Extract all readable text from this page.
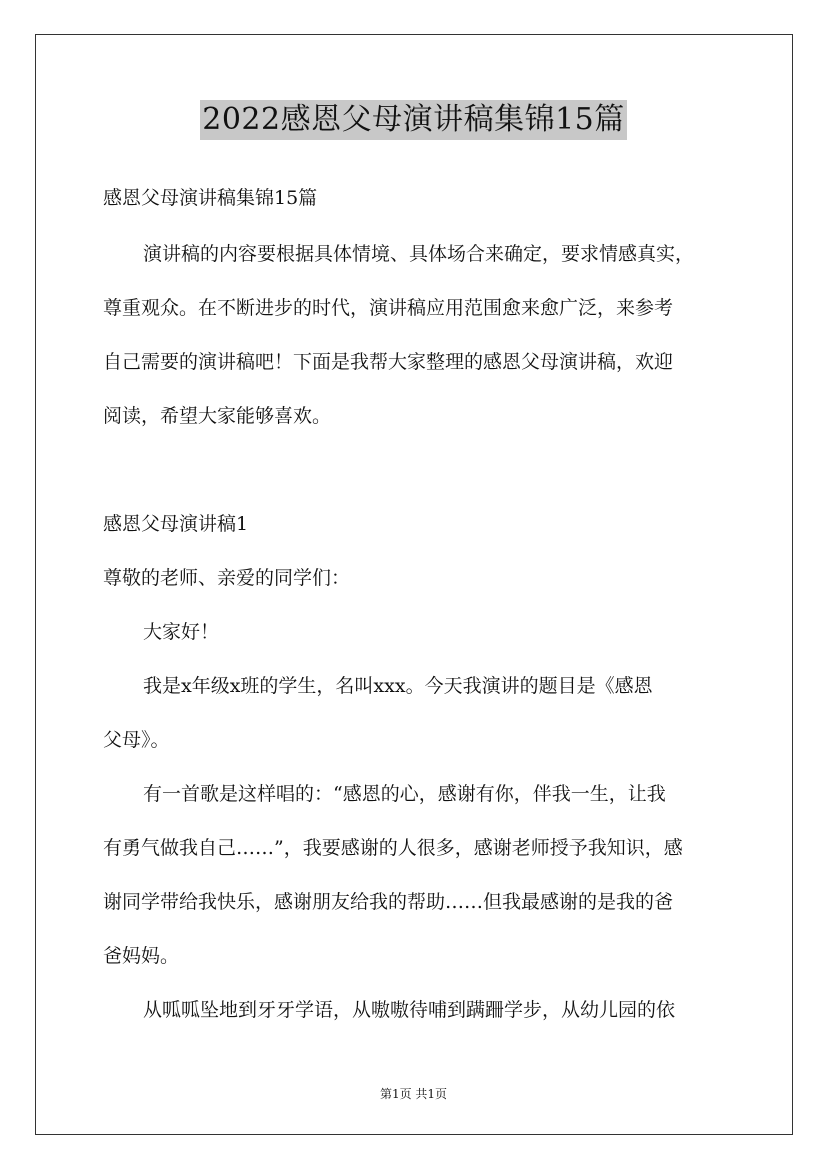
2022感恩父母演讲稿集锦15篇
感恩父母演讲稿集锦15篇
演讲稿的内容要根据具体情境、具体场合来确定，要求情感真实，
尊重观众。在不断进步的时代，演讲稿应用范围愈来愈广泛，来参考
自己需要的演讲稿吧！下面是我帮大家整理的感恩父母演讲稿，欢迎
阅读，希望大家能够喜欢。
感恩父母演讲稿1
尊敬的老师、亲爱的同学们：
大家好！
我是x年级x班的学生，名叫xxx。今天我演讲的题目是《感恩
父母》。
有一首歌是这样唱的：“感恩的心，感谢有你，伴我一生，让我
有勇气做我自己……”，我要感谢的人很多，感谢老师授予我知识，感
谢同学带给我快乐，感谢朋友给我的帮助……但我最感谢的是我的爸
爸妈妈。
从呱呱坠地到牙牙学语，从嗷嗷待哺到蹒跚学步，从幼儿园的依
第1页 共1页
